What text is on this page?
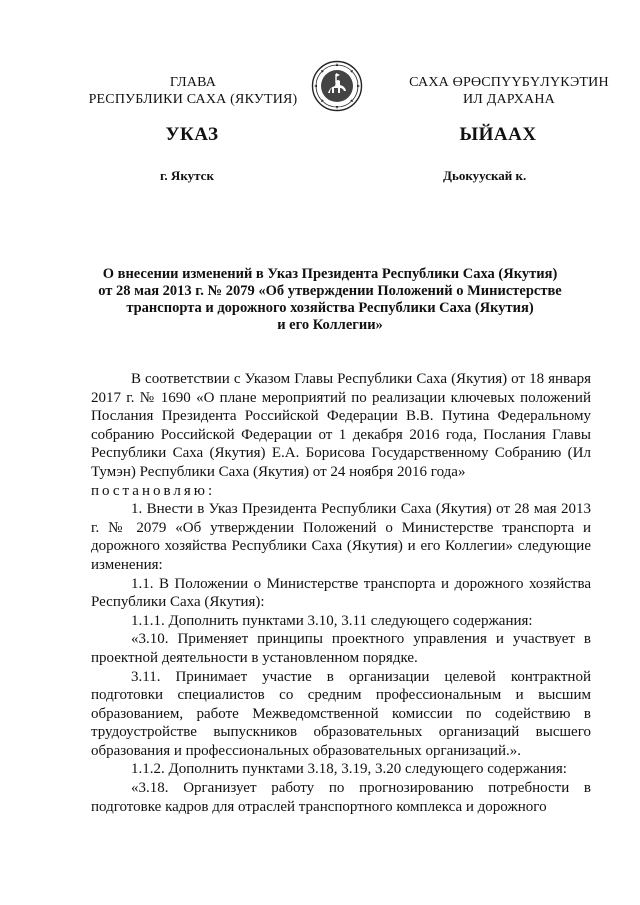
ГЛАВА
РЕСПУБЛИКИ САХА (ЯКУТИЯ)
САХА ӨРӨСПҮҮБҮЛҮКЭТИН
ИЛ ДАРХАНА
УКАЗ	ЫЙААХ
г. Якутск	Дьокуускай к.
О внесении изменений в Указ Президента Республики Саха (Якутия)
от 28 мая 2013 г. № 2079 «Об утверждении Положений о Министерстве
транспорта и дорожного хозяйства Республики Саха (Якутия)
и его Коллегии»

В соответствии с Указом Главы Республики Саха (Якутия) от 18 января 2017 г. № 1690 «О плане мероприятий по реализации ключевых положений Послания Президента Российской Федерации В.В. Путина Федеральному собранию Российской Федерации от 1 декабря 2016 года, Послания Главы Республики Саха (Якутия) Е.А. Борисова Государственному Собранию (Ил Тумэн) Республики Саха (Якутия) от 24 ноября 2016 года»

постановляю:

1. Внести в Указ Президента Республики Саха (Якутия) от 28 мая 2013 г. № 2079 «Об утверждении Положений о Министерстве транспорта и дорожного хозяйства Республики Саха (Якутия) и его Коллегии» следующие изменения:

1.1. В Положении о Министерстве транспорта и дорожного хозяйства Республики Саха (Якутия):

1.1.1. Дополнить пунктами 3.10, 3.11 следующего содержания:

«3.10. Применяет принципы проектного управления и участвует в проектной деятельности в установленном порядке.

3.11. Принимает участие в организации целевой контрактной подготовки специалистов со средним профессиональным и высшим образованием, работе Межведомственной комиссии по содействию в трудоустройстве выпускников образовательных организаций высшего образования и профессиональных образовательных организаций.».

1.1.2. Дополнить пунктами 3.18, 3.19, 3.20 следующего содержания:

«3.18. Организует работу по прогнозированию потребности в подготовке кадров для отраслей транспортного комплекса и дорожного
